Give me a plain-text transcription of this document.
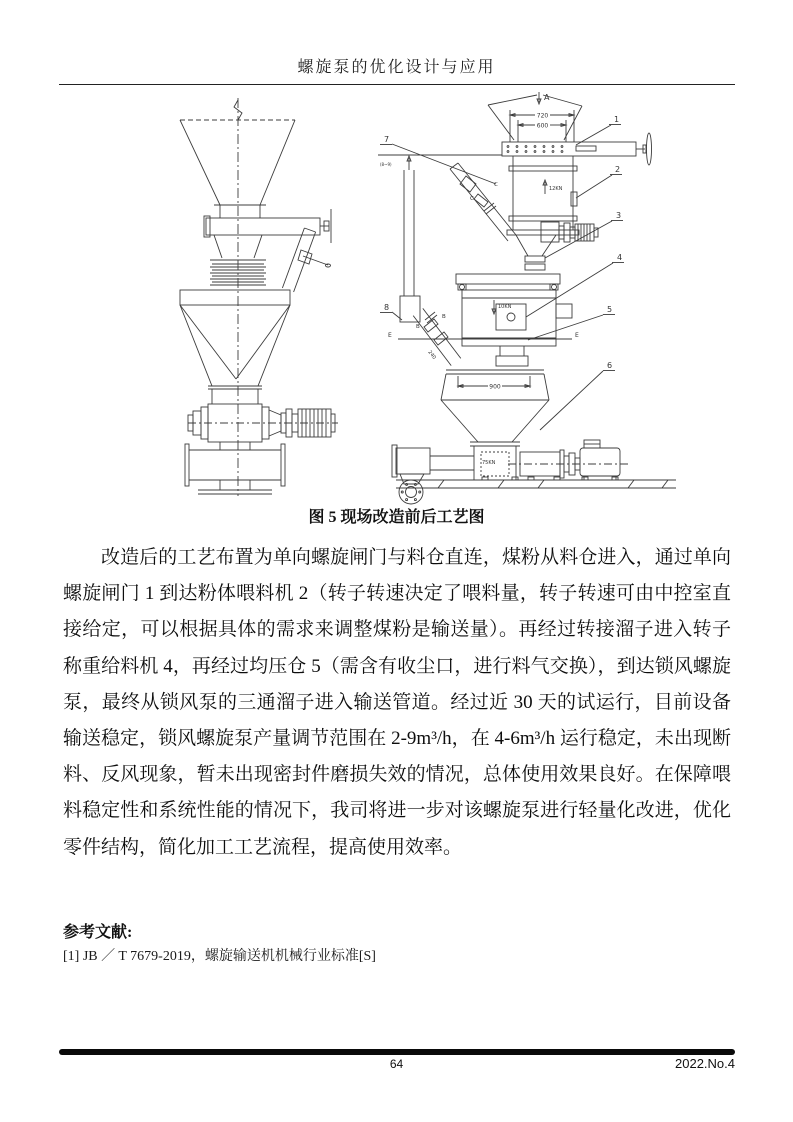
螺旋泵的优化设计与应用
A
720
600
1
12KN
2
3
10KN
4
900
75KN
C
C
7
(8~9)
8
B
B
240
E	E
5
6
图 5 现场改造前后工艺图
改造后的工艺布置为单向螺旋闸门与料仓直连，煤粉从料仓进入，通过单向螺旋闸门 1 到达粉体喂料机 2（转子转速决定了喂料量，转子转速可由中控室直接给定，可以根据具体的需求来调整煤粉是输送量）。再经过转接溜子进入转子称重给料机 4，再经过均压仓 5（需含有收尘口，进行料气交换），到达锁风螺旋泵，最终从锁风泵的三通溜子进入输送管道。经过近 30 天的试运行，目前设备输送稳定，锁风螺旋泵产量调节范围在 2-9m³/h，在 4-6m³/h 运行稳定，未出现断料、反风现象，暂未出现密封件磨损失效的情况，总体使用效果良好。在保障喂料稳定性和系统性能的情况下，我司将进一步对该螺旋泵进行轻量化改进，优化零件结构，简化加工工艺流程，提高使用效率。
参考文献:
[1] JB ／ T 7679-2019，螺旋输送机机械行业标准[S]
64	2022.No.4
